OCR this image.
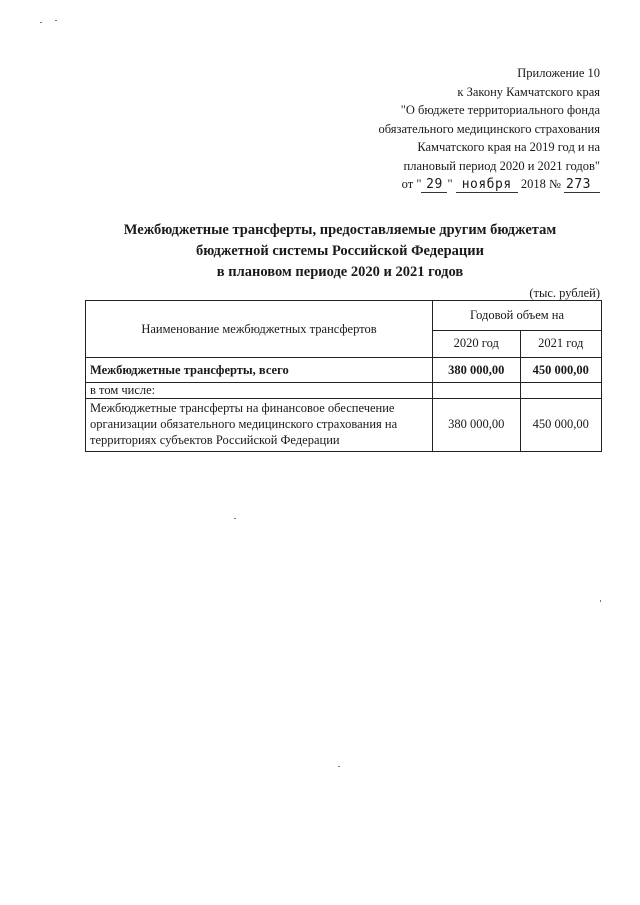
Приложение 10
к Закону Камчатского края
"О бюджете территориального фонда
обязательного медицинского страхования
Камчатского края на 2019 год и на
плановый период 2020 и 2021 годов"
от " 29 " ноября 2018 № 273
Межбюджетные трансферты, предоставляемые другим бюджетам
бюджетной системы Российской Федерации
в плановом периоде 2020 и 2021 годов
(тыс. рублей)
Наименование межбюджетных трансфертов	Годовой объем на	
	2020 год	2021 год
Межбюджетные трансферты, всего	380 000,00	450 000,00
в том числе:		
Межбюджетные трансферты на финансовое обеспечение организации обязательного медицинского страхования на территориях субъектов Российской Федерации	380 000,00	450 000,00
